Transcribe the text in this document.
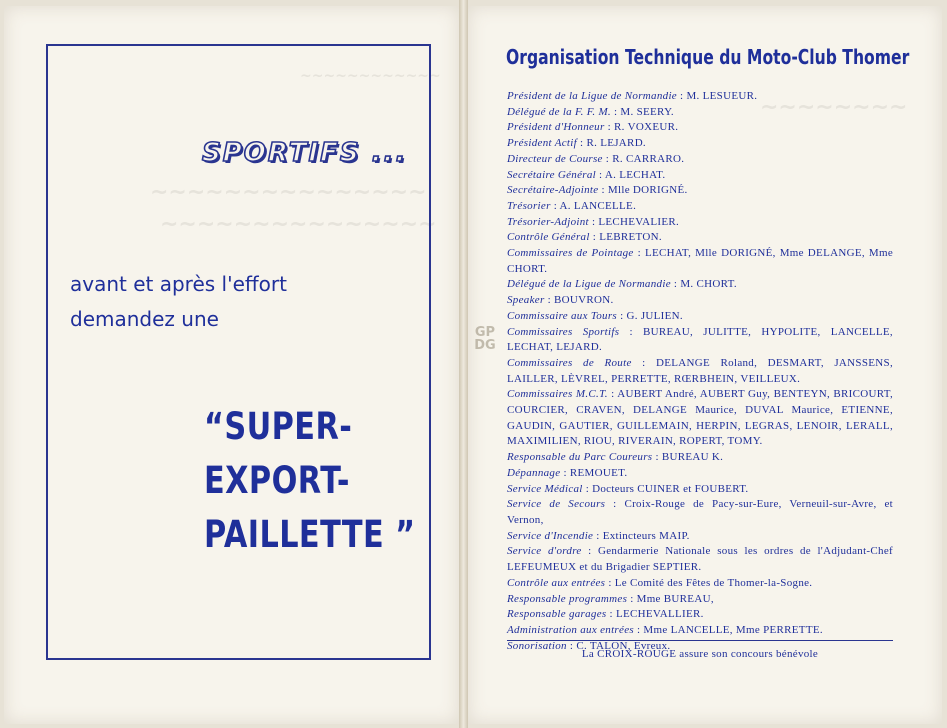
~~~~~~~~~~~~
~~~~~~~~~~~~~~~
~~~~~~~~~~~~~~~
~~~~~~~~
SPORTIFS ...
avant et après l'effort
demandez une
“SUPER-
EXPORT-
PAILLETTE ”
Organisation Technique du Moto-Club Thomer

Président de la Ligue de Normandie : M. LESUEUR.

Délégué de la F. F. M. : M. SEERY.

Président d'Honneur : R. VOXEUR.

Président Actif : R. LEJARD.

Directeur de Course : R. CARRARO.

Secrétaire Général : A. LECHAT.

Secrétaire-Adjointe : Mlle DORIGNÉ.

Trésorier : A. LANCELLE.

Trésorier-Adjoint : LECHEVALIER.

Contrôle Général : LEBRETON.

Commissaires de Pointage : LECHAT, Mlle DORIGNÉ, Mme DELANGE, Mme CHORT.

Délégué de la Ligue de Normandie : M. CHORT.

Speaker : BOUVRON.

Commissaire aux Tours : G. JULIEN.

Commissaires Sportifs : BUREAU, JULITTE, HYPOLITE, LANCELLE, LECHAT, LEJARD.

Commissaires de Route : DELANGE Roland, DESMART, JANSSENS, LAILLER, LÈVREL, PERRETTE, RŒRBHEIN, VEILLEUX.

Commissaires M.C.T. : AUBERT André, AUBERT Guy, BENTEYN, BRICOURT, COURCIER, CRAVEN, DELANGE Maurice, DUVAL Maurice, ETIENNE, GAUDIN, GAUTIER, GUILLEMAIN, HERPIN, LEGRAS, LENOIR, LERALL, MAXIMILIEN, RIOU, RIVERAIN, ROPERT, TOMY.

Responsable du Parc Coureurs : BUREAU K.

Dépannage : REMOUET.

Service Médical : Docteurs CUINER et FOUBERT.

Service de Secours : Croix-Rouge de Pacy-sur-Eure, Verneuil-sur-Avre, et Vernon,

Service d'Incendie : Extincteurs MAIP.

Service d'ordre : Gendarmerie Nationale sous les ordres de l'Adjudant-Chef LEFEUMEUX et du Brigadier SEPTIER.

Contrôle aux entrées : Le Comité des Fêtes de Thomer-la-Sogne.

Responsable programmes : Mme BUREAU,

Responsable garages : LECHEVALLIER.

Administration aux entrées : Mme LANCELLE, Mme PERRETTE.

Sonorisation : C. TALON, Evreux.

La CROIX-ROUGE assure son concours bénévole
GP DG
